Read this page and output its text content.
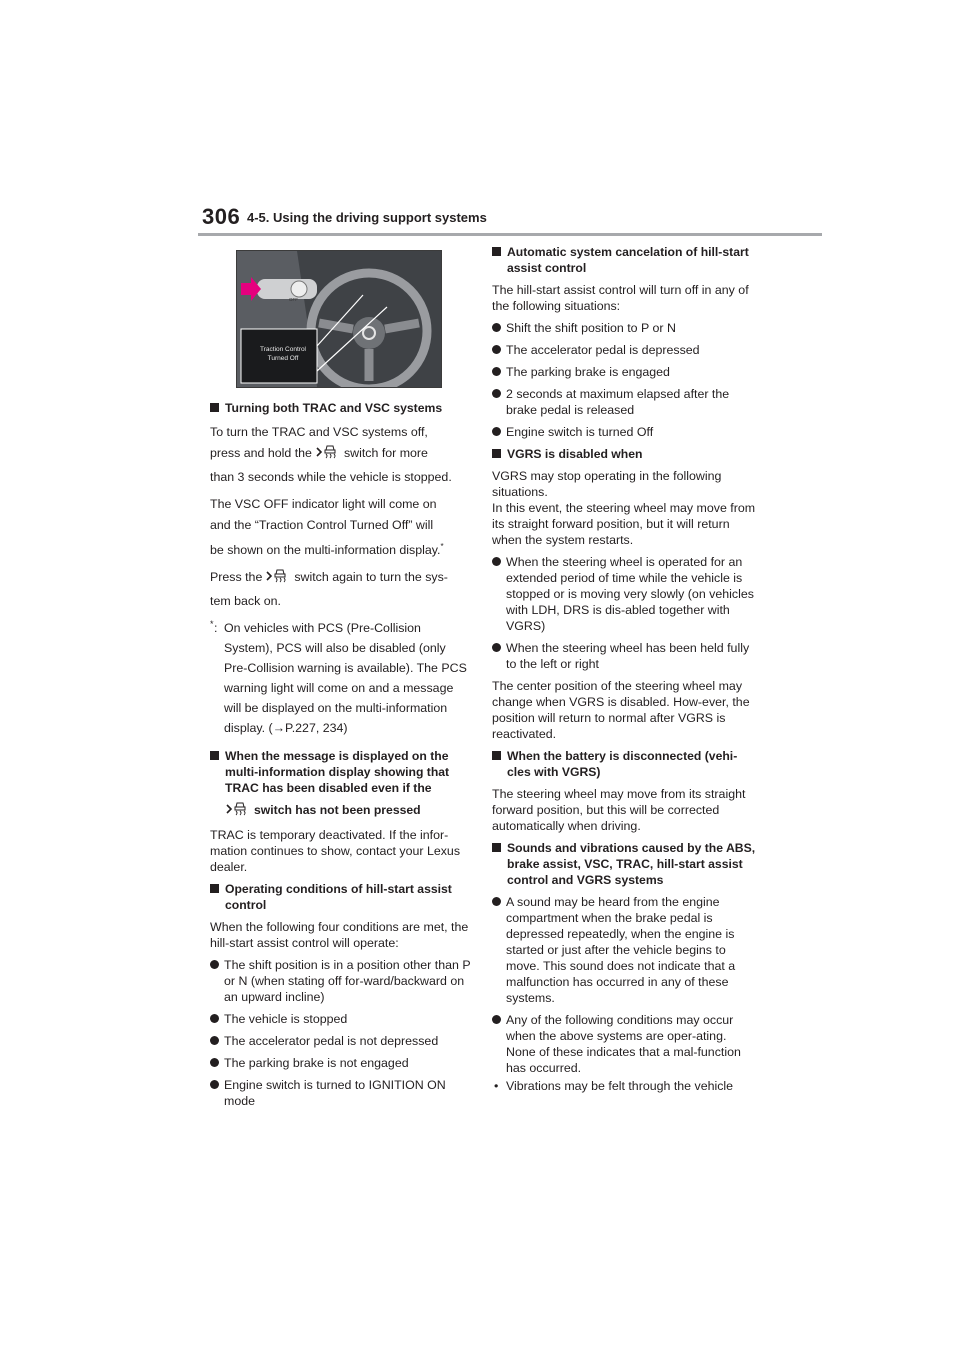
306 4-5. Using the driving support systems
Traction Control
Turned Off
OFF
Turning both TRAC and VSC systems
To turn the TRAC and VSC systems off,
press and hold the	switch for more
than 3 seconds while the vehicle is stopped.
The VSC OFF indicator light will come on
and the “Traction Control Turned Off” will
be shown on the multi-information display.*
Press the	switch again to turn the sys-
tem back on.
* : On vehicles with PCS (Pre-Collision System), PCS will also be disabled (only Pre-Collision warning is available). The PCS warning light will come on and a message will be displayed on the multi-information display. (→P.227, 234)
When the message is displayed on the multi-information display showing that TRAC has been disabled even if the
switch has not been pressed
TRAC is temporary deactivated. If the infor-mation continues to show, contact your Lexus dealer.
Operating conditions of hill-start assist control
When the following four conditions are met, the hill-start assist control will operate:
The shift position is in a position other than P or N (when stating off for-ward/backward on an upward incline)
The vehicle is stopped
The accelerator pedal is not depressed
The parking brake is not engaged
Engine switch is turned to IGNITION ON mode
Automatic system cancelation of hill-start assist control
The hill-start assist control will turn off in any of the following situations:
Shift the shift position to P or N
The accelerator pedal is depressed
The parking brake is engaged
2 seconds at maximum elapsed after the brake pedal is released
Engine switch is turned Off
VGRS is disabled when
VGRS may stop operating in the following situations.
In this event, the steering wheel may move from its straight forward position, but it will return when the system restarts.
When the steering wheel is operated for an extended period of time while the vehicle is stopped or is moving very slowly (on vehicles with LDH, DRS is dis-abled together with VGRS)
When the steering wheel has been held fully to the left or right
The center position of the steering wheel may change when VGRS is disabled. How-ever, the position will return to normal after VGRS is reactivated.
When the battery is disconnected (vehi-cles with VGRS)
The steering wheel may move from its straight forward position, but this will be corrected automatically when driving.
Sounds and vibrations caused by the ABS, brake assist, VSC, TRAC, hill-start assist control and VGRS systems
A sound may be heard from the engine compartment when the brake pedal is depressed repeatedly, when the engine is started or just after the vehicle begins to move. This sound does not indicate that a malfunction has occurred in any of these systems.
Any of the following conditions may occur when the above systems are oper-ating. None of these indicates that a mal-function has occurred.
• Vibrations may be felt through the vehicle
